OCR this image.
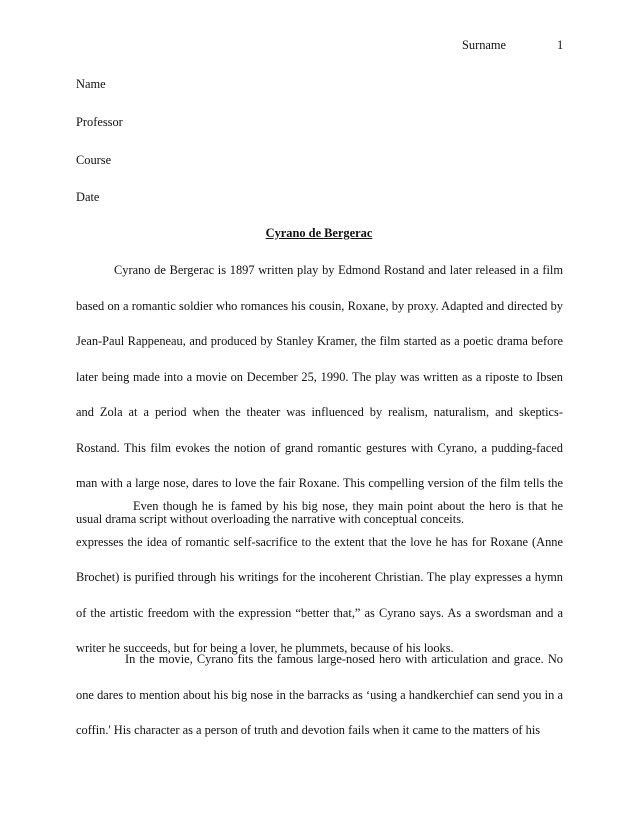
Surname	1
Name
Professor
Course
Date
Cyrano de Bergerac

Cyrano de Bergerac is 1897 written play by Edmond Rostand and later released in a film based on a romantic soldier who romances his cousin, Roxane, by proxy. Adapted and directed by Jean-Paul Rappeneau, and produced by Stanley Kramer, the film started as a poetic drama before later being made into a movie on December 25, 1990. The play was written as a riposte to Ibsen and Zola at a period when the theater was influenced by realism, naturalism, and skeptics-Rostand. This film evokes the notion of grand romantic gestures with Cyrano, a pudding-faced man with a large nose, dares to love the fair Roxane. This compelling version of the film tells the usual drama script without overloading the narrative with conceptual conceits.

Even though he is famed by his big nose, they main point about the hero is that he expresses the idea of romantic self-sacrifice to the extent that the love he has for Roxane (Anne Brochet) is purified through his writings for the incoherent Christian. The play expresses a hymn of the artistic freedom with the expression “better that,” as Cyrano says. As a swordsman and a writer he succeeds, but for being a lover, he plummets, because of his looks.

In the movie, Cyrano fits the famous large-nosed hero with articulation and grace. No one dares to mention about his big nose in the barracks as ‘using a handkerchief can send you in a coffin.' His character as a person of truth and devotion fails when it came to the matters of his
